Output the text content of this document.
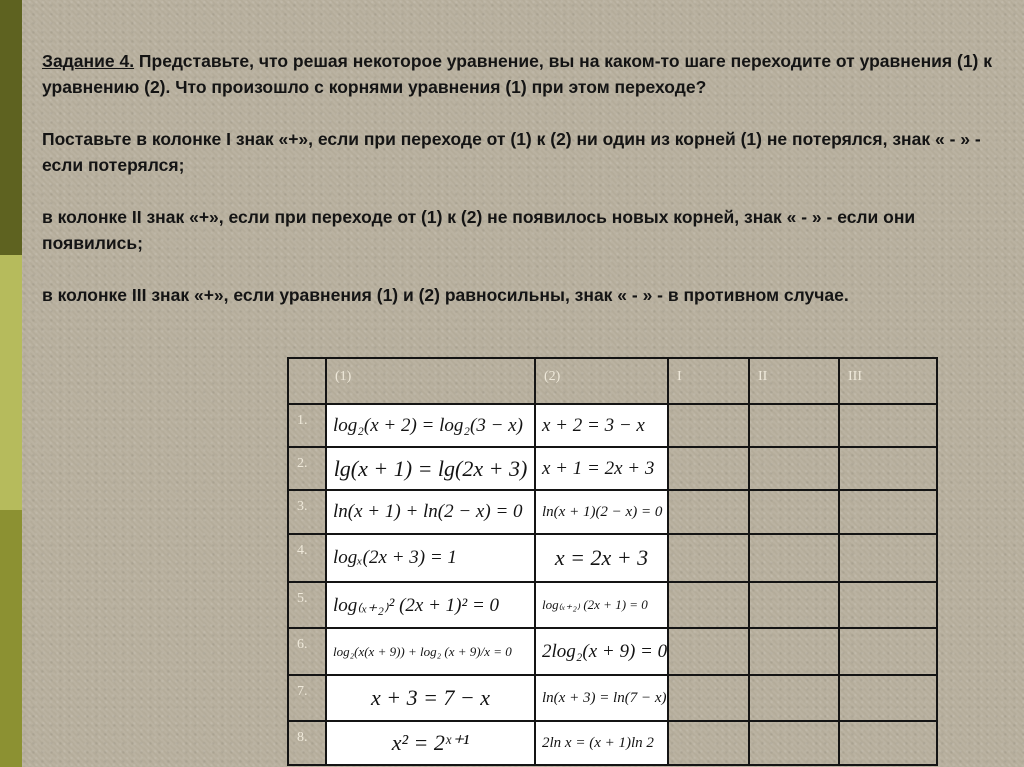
Задание 4. Представьте, что решая некоторое уравнение, вы на каком-то шаге переходите от уравнения (1) к уравнению (2). Что произошло с корнями уравнения (1) при этом переходе?

Поставьте в колонке I знак «+», если при переходе от (1) к (2) ни один из корней (1) не потерялся, знак « - » - если потерялся;

в колонке II знак «+», если при переходе от (1) к (2) не появилось новых корней, знак « - » - если они появились;

в колонке III знак «+», если уравнения (1) и (2) равносильны, знак « - » - в противном случае.

	(1)	(2)	I	II	III

1.	log₂(x + 2) = log₂(3 − x)	x + 2 = 3 − x			

2.	lg(x + 1) = lg(2x + 3)	x + 1 = 2x + 3			

3.	ln(x + 1) + ln(2 − x) = 0	ln(x + 1)(2 − x) = 0			

4.	logₓ(2x + 3) = 1	x = 2x + 3			

5.	log₍ₓ₊₂₎² (2x + 1)² = 0	log₍ₓ₊₂₎ (2x + 1) = 0			

6.	log₂(x(x + 9)) + log₂ (x + 9)/x = 0	2log₂(x + 9) = 0			

7.	x + 3 = 7 − x	ln(x + 3) = ln(7 − x)			

8.	x² = 2ˣ⁺¹	2ln x = (x + 1)ln 2			
